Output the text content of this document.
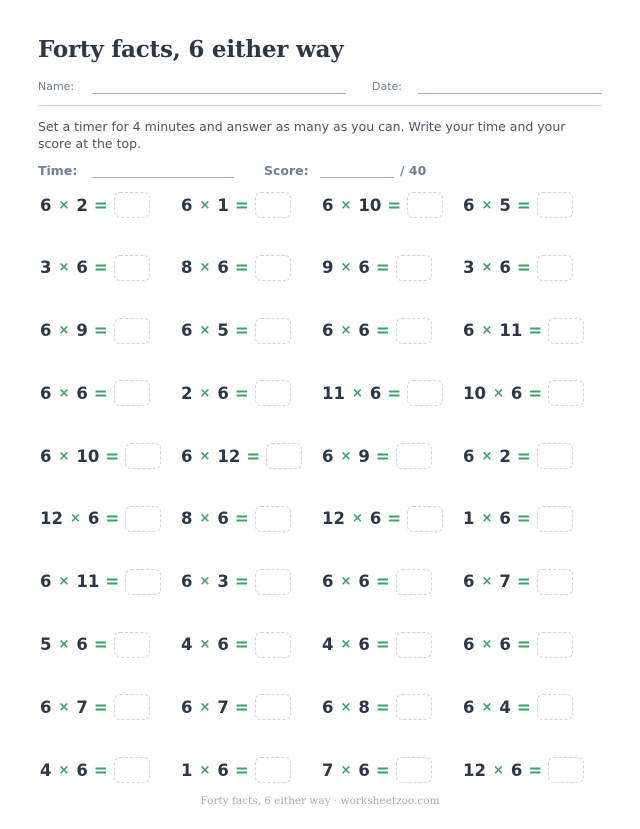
Forty facts, 6 either way
Name:	Date:
Set a timer for 4 minutes and answer as many as you can. Write your time and your score at the top.
Time:	Score:	/ 40
6 × 2 =	6 × 1 =	6 × 10 =	6 × 5 =
3 × 6 =	8 × 6 =	9 × 6 =	3 × 6 =
6 × 9 =	6 × 5 =	6 × 6 =	6 × 11 =
6 × 6 =	2 × 6 =	11 × 6 =	10 × 6 =
6 × 10 =	6 × 12 =	6 × 9 =	6 × 2 =
12 × 6 =	8 × 6 =	12 × 6 =	1 × 6 =
6 × 11 =	6 × 3 =	6 × 6 =	6 × 7 =
5 × 6 =	4 × 6 =	4 × 6 =	6 × 6 =
6 × 7 =	6 × 7 =	6 × 8 =	6 × 4 =
4 × 6 =	1 × 6 =	7 × 6 =	12 × 6 =
Forty facts, 6 either way · worksheetzoo.com
